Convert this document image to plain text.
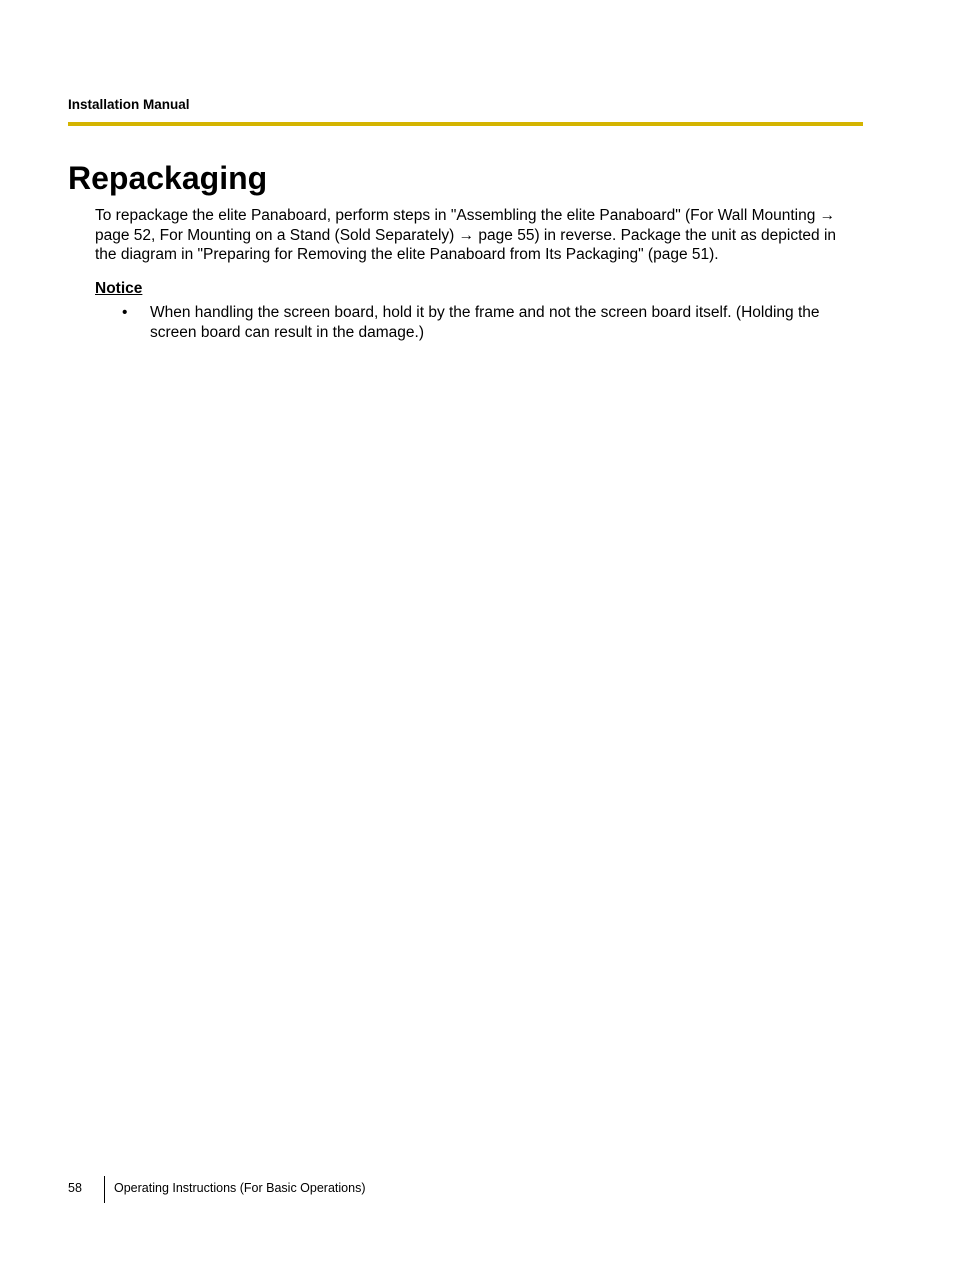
Installation Manual
Repackaging

To repackage the elite Panaboard, perform steps in "Assembling the elite Panaboard" (For Wall Mounting →
page 52, For Mounting on a Stand (Sold Separately) → page 55) in reverse. Package the unit as depicted in
the diagram in "Preparing for Removing the elite Panaboard from Its Packaging" (page 51).

Notice
• When handling the screen board, hold it by the frame and not the screen board itself. (Holding the
screen board can result in the damage.)
58	Operating Instructions (For Basic Operations)
